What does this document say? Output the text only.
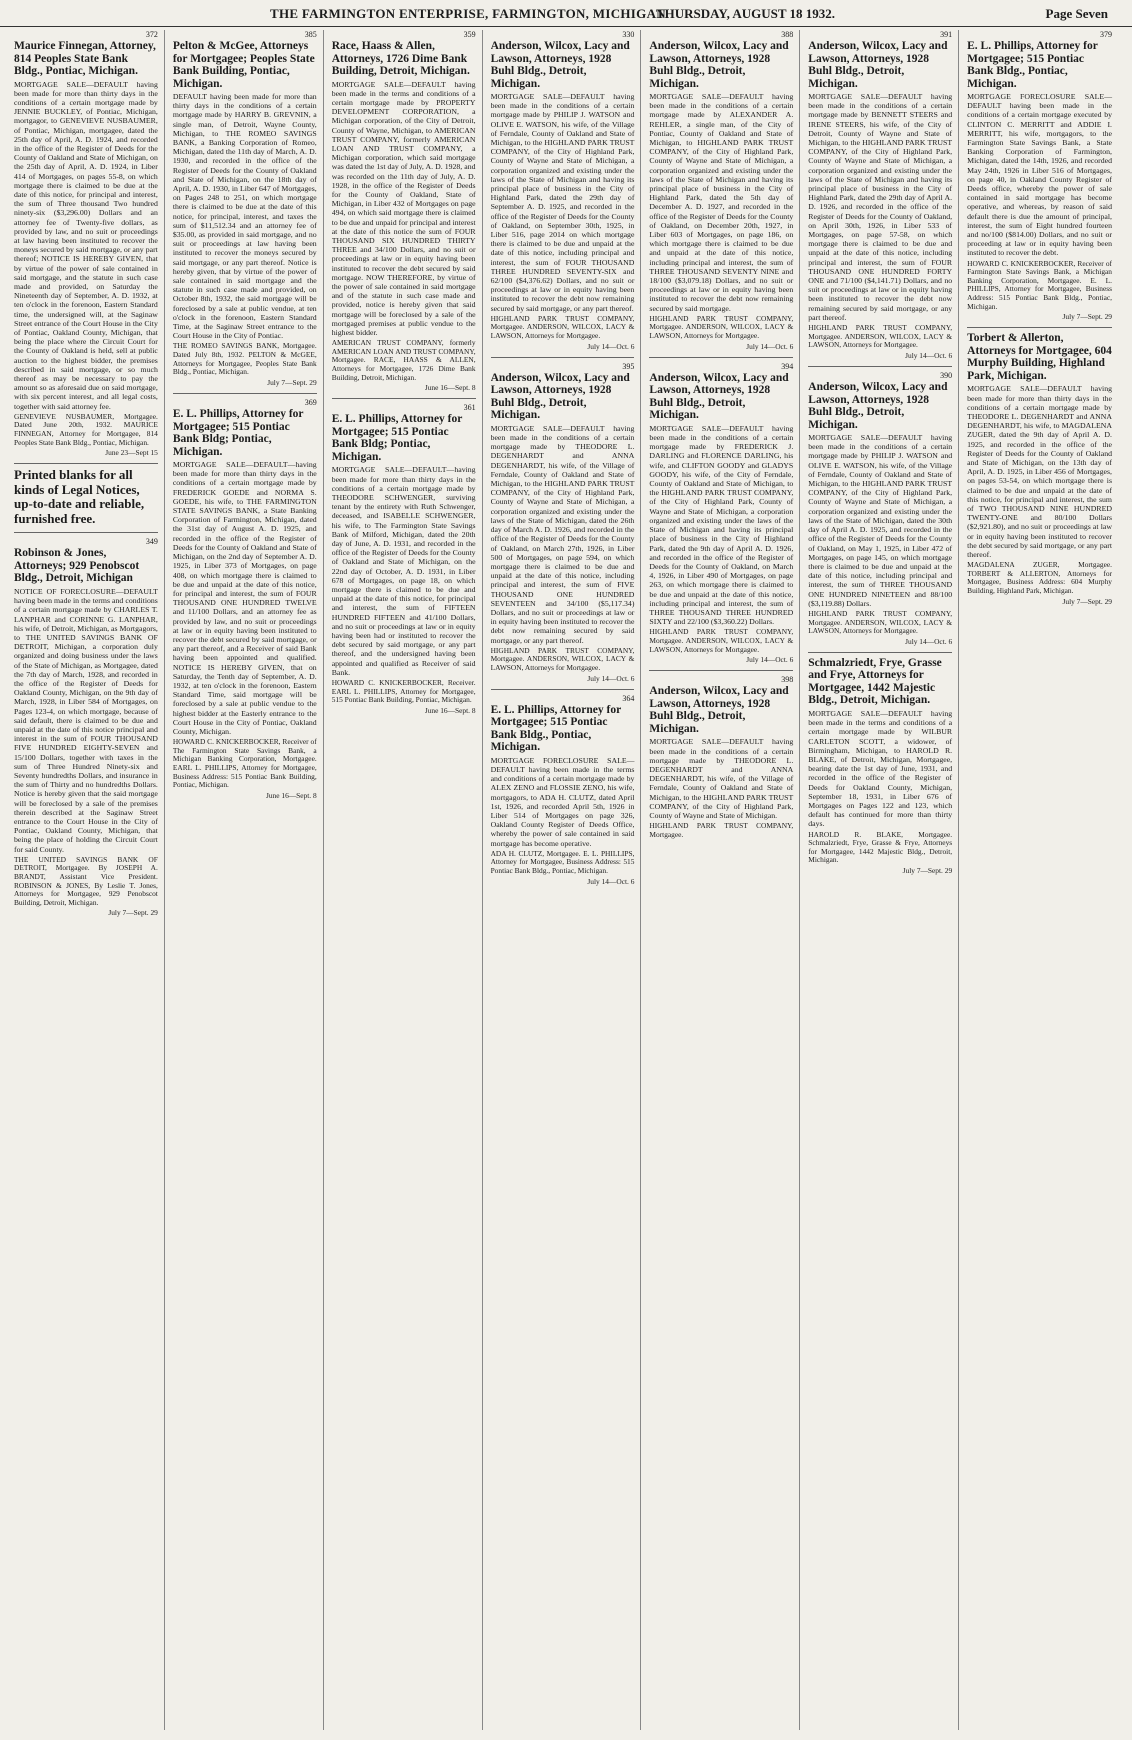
THE FARMINGTON ENTERPRISE, FARMINGTON, MICHIGAN
THURSDAY, AUGUST 18 1932.	Page Seven
372
Maurice Finnegan, Attorney, 814 Peoples State Bank Bldg., Pontiac, Michigan.

MORTGAGE SALE—DEFAULT having been made for more than thirty days in the conditions of a certain mortgage made by JENNIE BUCKLEY, of Pontiac, Michigan, mortgagor, to GENEVIEVE NUSBAUMER, of Pontiac, Michigan, mortgagee, dated the 25th day of April, A. D. 1924, and recorded in the office of the Register of Deeds for the County of Oakland and State of Michigan, on the 25th day of April, A. D. 1924, in Liber 414 of Mortgages, on pages 55-8, on which mortgage there is claimed to be due at the date of this notice, for principal and interest, the sum of Three thousand Two hundred ninety-six ($3,296.00) Dollars and an attorney fee of Twenty-five dollars, as provided by law, and no suit or proceedings at law having been instituted to recover the moneys secured by said mortgage, or any part thereof; NOTICE IS HEREBY GIVEN, that by virtue of the power of sale contained in said mortgage, and the statute in such case made and provided, on Saturday the Nineteenth day of September, A. D. 1932, at ten o'clock in the forenoon, Eastern Standard time, the undersigned will, at the Saginaw Street entrance of the Court House in the City of Pontiac, Oakland County, Michigan, that being the place where the Circuit Court for the County of Oakland is held, sell at public auction to the highest bidder, the premises described in said mortgage, or so much thereof as may be necessary to pay the amount so as aforesaid due on said mortgage, with six percent interest, and all legal costs, together with said attorney fee.

GENEVIEVE NUSBAUMER, Mortgagee. Dated June 20th, 1932. MAURICE FINNEGAN, Attorney for Mortgagee, 814 Peoples State Bank Bldg., Pontiac, Michigan.

June 23—Sept 15

Printed blanks for all kinds of Legal Notices, up-to-date and reliable, furnished free.
349
Robinson & Jones, Attorneys; 929 Penobscot Bldg., Detroit, Michigan

NOTICE OF FORECLOSURE—DEFAULT having been made in the terms and conditions of a certain mortgage made by CHARLES T. LANPHAR and CORINNE G. LANPHAR, his wife, of Detroit, Michigan, as Mortgagors, to THE UNITED SAVINGS BANK OF DETROIT, Michigan, a corporation duly organized and doing business under the laws of the State of Michigan, as Mortgagee, dated the 7th day of March, 1928, and recorded in the office of the Register of Deeds for Oakland County, Michigan, on the 9th day of March, 1928, in Liber 584 of Mortgages, on Pages 123-4, on which mortgage, because of said default, there is claimed to be due and unpaid at the date of this notice principal and interest in the sum of FOUR THOUSAND FIVE HUNDRED EIGHTY-SEVEN and 15/100 Dollars, together with taxes in the sum of Three Hundred Ninety-six and Seventy hundredths Dollars, and insurance in the sum of Thirty and no hundredths Dollars. Notice is hereby given that the said mortgage will be foreclosed by a sale of the premises therein described at the Saginaw Street entrance to the Court House in the City of Pontiac, Oakland County, Michigan, that being the place of holding the Circuit Court for said County.

THE UNITED SAVINGS BANK OF DETROIT, Mortgagee. By JOSEPH A. BRANDT, Assistant Vice President. ROBINSON & JONES, By Leslie T. Jones, Attorneys for Mortgagee, 929 Penobscot Building, Detroit, Michigan.

July 7—Sept. 29

385
Pelton & McGee, Attorneys for Mortgagee; Peoples State Bank Building, Pontiac, Michigan.

DEFAULT having been made for more than thirty days in the conditions of a certain mortgage made by HARRY B. GREVNIN, a single man, of Detroit, Wayne County, Michigan, to THE ROMEO SAVINGS BANK, a Banking Corporation of Romeo, Michigan, dated the 11th day of March, A. D. 1930, and recorded in the office of the Register of Deeds for the County of Oakland and State of Michigan, on the 18th day of April, A. D. 1930, in Liber 647 of Mortgages, on Pages 248 to 251, on which mortgage there is claimed to be due at the date of this notice, for principal, interest, and taxes the sum of $11,512.34 and an attorney fee of $35.00, as provided in said mortgage, and no suit or proceedings at law having been instituted to recover the moneys secured by said mortgage, or any part thereof. Notice is hereby given, that by virtue of the power of sale contained in said mortgage and the statute in such case made and provided, on October 8th, 1932, the said mortgage will be foreclosed by a sale at public vendue, at ten o'clock in the forenoon, Eastern Standard Time, at the Saginaw Street entrance to the Court House in the City of Pontiac.

THE ROMEO SAVINGS BANK, Mortgagee. Dated July 8th, 1932. PELTON & McGEE, Attorneys for Mortgagee, Peoples State Bank Bldg., Pontiac, Michigan.

July 7—Sept. 29

369
E. L. Phillips, Attorney for Mortgagee; 515 Pontiac Bank Bldg; Pontiac, Michigan.

MORTGAGE SALE—DEFAULT—having been made for more than thirty days in the conditions of a certain mortgage made by FREDERICK GOEDE and NORMA S. GOEDE, his wife, to THE FARMINGTON STATE SAVINGS BANK, a State Banking Corporation of Farmington, Michigan, dated the 31st day of August A. D. 1925, and recorded in the office of the Register of Deeds for the County of Oakland and State of Michigan, on the 2nd day of September A. D. 1925, in Liber 373 of Mortgages, on page 408, on which mortgage there is claimed to be due and unpaid at the date of this notice, for principal and interest, the sum of FOUR THOUSAND ONE HUNDRED TWELVE and 11/100 Dollars, and an attorney fee as provided by law, and no suit or proceedings at law or in equity having been instituted to recover the debt secured by said mortgage, or any part thereof, and a Receiver of said Bank having been appointed and qualified. NOTICE IS HEREBY GIVEN, that on Saturday, the Tenth day of September, A. D. 1932, at ten o'clock in the forenoon, Eastern Standard Time, said mortgage will be foreclosed by a sale at public vendue to the highest bidder at the Easterly entrance to the Court House in the City of Pontiac, Oakland County, Michigan.

HOWARD C. KNICKERBOCKER, Receiver of The Farmington State Savings Bank, a Michigan Banking Corporation, Mortgagee. EARL L. PHILLIPS, Attorney for Mortgagee, Business Address: 515 Pontiac Bank Building, Pontiac, Michigan.

June 16—Sept. 8

359
Race, Haass & Allen, Attorneys, 1726 Dime Bank Building, Detroit, Michigan.

MORTGAGE SALE—DEFAULT having been made in the terms and conditions of a certain mortgage made by PROPERTY DEVELOPMENT CORPORATION, a Michigan corporation, of the City of Detroit, County of Wayne, Michigan, to AMERICAN TRUST COMPANY, formerly AMERICAN LOAN AND TRUST COMPANY, a Michigan corporation, which said mortgage was dated the 1st day of July, A. D. 1928, and was recorded on the 11th day of July, A. D. 1928, in the office of the Register of Deeds for the County of Oakland, State of Michigan, in Liber 432 of Mortgages on page 494, on which said mortgage there is claimed to be due and unpaid for principal and interest at the date of this notice the sum of FOUR THOUSAND SIX HUNDRED THIRTY THREE and 34/100 Dollars, and no suit or proceedings at law or in equity having been instituted to recover the debt secured by said mortgage. NOW THEREFORE, by virtue of the power of sale contained in said mortgage and of the statute in such case made and provided, notice is hereby given that said mortgage will be foreclosed by a sale of the mortgaged premises at public vendue to the highest bidder.

AMERICAN TRUST COMPANY, formerly AMERICAN LOAN AND TRUST COMPANY, Mortgagee. RACE, HAASS & ALLEN, Attorneys for Mortgagee, 1726 Dime Bank Building, Detroit, Michigan.

June 16—Sept. 8

361
E. L. Phillips, Attorney for Mortgagee; 515 Pontiac Bank Bldg; Pontiac, Michigan.

MORTGAGE SALE—DEFAULT—having been made for more than thirty days in the conditions of a certain mortgage made by THEODORE SCHWENGER, surviving tenant by the entirety with Ruth Schwenger, deceased, and ISABELLE SCHWENGER, his wife, to The Farmington State Savings Bank of Milford, Michigan, dated the 20th day of June, A. D. 1931, and recorded in the office of the Register of Deeds for the County of Oakland and State of Michigan, on the 22nd day of October, A. D. 1931, in Liber 678 of Mortgages, on page 18, on which mortgage there is claimed to be due and unpaid at the date of this notice, for principal and interest, the sum of FIFTEEN HUNDRED FIFTEEN and 41/100 Dollars, and no suit or proceedings at law or in equity having been had or instituted to recover the debt secured by said mortgage, or any part thereof, and the undersigned having been appointed and qualified as Receiver of said Bank.

HOWARD C. KNICKERBOCKER, Receiver. EARL L. PHILLIPS, Attorney for Mortgagee, 515 Pontiac Bank Building, Pontiac, Michigan.

June 16—Sept. 8

330
Anderson, Wilcox, Lacy and Lawson, Attorneys, 1928 Buhl Bldg., Detroit, Michigan.

MORTGAGE SALE—DEFAULT having been made in the conditions of a certain mortgage made by PHILIP J. WATSON and OLIVE E. WATSON, his wife, of the Village of Ferndale, County of Oakland and State of Michigan, to the HIGHLAND PARK TRUST COMPANY, of the City of Highland Park, County of Wayne and State of Michigan, a corporation organized and existing under the laws of the State of Michigan and having its principal place of business in the City of Highland Park, dated the 29th day of September A. D. 1925, and recorded in the office of the Register of Deeds for the County of Oakland, on September 30th, 1925, in Liber 516, page 2014 on which mortgage there is claimed to be due and unpaid at the date of this notice, including principal and interest, the sum of FOUR THOUSAND THREE HUNDRED SEVENTY-SIX and 62/100 ($4,376.62) Dollars, and no suit or proceedings at law or in equity having been instituted to recover the debt now remaining secured by said mortgage, or any part thereof.

HIGHLAND PARK TRUST COMPANY, Mortgagee. ANDERSON, WILCOX, LACY & LAWSON, Attorneys for Mortgagee.

July 14—Oct. 6

395
Anderson, Wilcox, Lacy and Lawson, Attorneys, 1928 Buhl Bldg., Detroit, Michigan.

MORTGAGE SALE—DEFAULT having been made in the conditions of a certain mortgage made by THEODORE L. DEGENHARDT and ANNA DEGENHARDT, his wife, of the Village of Ferndale, County of Oakland and State of Michigan, to the HIGHLAND PARK TRUST COMPANY, of the City of Highland Park, County of Wayne and State of Michigan, a corporation organized and existing under the laws of the State of Michigan, dated the 26th day of March A. D. 1926, and recorded in the office of the Register of Deeds for the County of Oakland, on March 27th, 1926, in Liber 500 of Mortgages, on page 594, on which mortgage there is claimed to be due and unpaid at the date of this notice, including principal and interest, the sum of FIVE THOUSAND ONE HUNDRED SEVENTEEN and 34/100 ($5,117.34) Dollars, and no suit or proceedings at law or in equity having been instituted to recover the debt now remaining secured by said mortgage, or any part thereof.

HIGHLAND PARK TRUST COMPANY, Mortgagee. ANDERSON, WILCOX, LACY & LAWSON, Attorneys for Mortgagee.

July 14—Oct. 6

364
E. L. Phillips, Attorney for Mortgagee; 515 Pontiac Bank Bldg., Pontiac, Michigan.

MORTGAGE FORECLOSURE SALE—DEFAULT having been made in the terms and conditions of a certain mortgage made by ALEX ZENO and FLOSSIE ZENO, his wife, mortgagors, to ADA H. CLUTZ, dated April 1st, 1926, and recorded April 5th, 1926 in Liber 514 of Mortgages on page 326, Oakland County Register of Deeds Office, whereby the power of sale contained in said mortgage has become operative.

ADA H. CLUTZ, Mortgagee. E. L. PHILLIPS, Attorney for Mortgagee, Business Address: 515 Pontiac Bank Bldg., Pontiac, Michigan.

July 14—Oct. 6

388
Anderson, Wilcox, Lacy and Lawson, Attorneys, 1928 Buhl Bldg., Detroit, Michigan.

MORTGAGE SALE—DEFAULT having been made in the conditions of a certain mortgage made by ALEXANDER A. REHLER, a single man, of the City of Pontiac, County of Oakland and State of Michigan, to HIGHLAND PARK TRUST COMPANY, of the City of Highland Park, County of Wayne and State of Michigan, a corporation organized and existing under the laws of the State of Michigan and having its principal place of business in the City of Highland Park, dated the 5th day of December A. D. 1927, and recorded in the office of the Register of Deeds for the County of Oakland, on December 20th, 1927, in Liber 603 of Mortgages, on page 186, on which mortgage there is claimed to be due and unpaid at the date of this notice, including principal and interest, the sum of THREE THOUSAND SEVENTY NINE and 18/100 ($3,079.18) Dollars, and no suit or proceedings at law or in equity having been instituted to recover the debt now remaining secured by said mortgage.

HIGHLAND PARK TRUST COMPANY, Mortgagee. ANDERSON, WILCOX, LACY & LAWSON, Attorneys for Mortgagee.

July 14—Oct. 6

394
Anderson, Wilcox, Lacy and Lawson, Attorneys, 1928 Buhl Bldg., Detroit, Michigan.

MORTGAGE SALE—DEFAULT having been made in the conditions of a certain mortgage made by FREDERICK J. DARLING and FLORENCE DARLING, his wife, and CLIFTON GOODY and GLADYS GOODY, his wife, of the City of Ferndale, County of Oakland and State of Michigan, to the HIGHLAND PARK TRUST COMPANY, of the City of Highland Park, County of Wayne and State of Michigan, a corporation organized and existing under the laws of the State of Michigan and having its principal place of business in the City of Highland Park, dated the 9th day of April A. D. 1926, and recorded in the office of the Register of Deeds for the County of Oakland, on March 4, 1926, in Liber 490 of Mortgages, on page 263, on which mortgage there is claimed to be due and unpaid at the date of this notice, including principal and interest, the sum of THREE THOUSAND THREE HUNDRED SIXTY and 22/100 ($3,360.22) Dollars.

HIGHLAND PARK TRUST COMPANY, Mortgagee. ANDERSON, WILCOX, LACY & LAWSON, Attorneys for Mortgagee.

July 14—Oct. 6

398
Anderson, Wilcox, Lacy and Lawson, Attorneys, 1928 Buhl Bldg., Detroit, Michigan.

MORTGAGE SALE—DEFAULT having been made in the conditions of a certain mortgage made by THEODORE L. DEGENHARDT and ANNA DEGENHARDT, his wife, of the Village of Ferndale, County of Oakland and State of Michigan, to the HIGHLAND PARK TRUST COMPANY, of the City of Highland Park, County of Wayne and State of Michigan.

HIGHLAND PARK TRUST COMPANY, Mortgagee.

391
Anderson, Wilcox, Lacy and Lawson, Attorneys, 1928 Buhl Bldg., Detroit, Michigan.

MORTGAGE SALE—DEFAULT having been made in the conditions of a certain mortgage made by BENNETT STEERS and IRENE STEERS, his wife, of the City of Detroit, County of Wayne and State of Michigan, to the HIGHLAND PARK TRUST COMPANY, of the City of Highland Park, County of Wayne and State of Michigan, a corporation organized and existing under the laws of the State of Michigan and having its principal place of business in the City of Highland Park, dated the 29th day of April A. D. 1926, and recorded in the office of the Register of Deeds for the County of Oakland, on April 30th, 1926, in Liber 533 of Mortgages, on page 57-58, on which mortgage there is claimed to be due and unpaid at the date of this notice, including principal and interest, the sum of FOUR THOUSAND ONE HUNDRED FORTY ONE and 71/100 ($4,141.71) Dollars, and no suit or proceedings at law or in equity having been instituted to recover the debt now remaining secured by said mortgage, or any part thereof.

HIGHLAND PARK TRUST COMPANY, Mortgagee. ANDERSON, WILCOX, LACY & LAWSON, Attorneys for Mortgagee.

July 14—Oct. 6

390
Anderson, Wilcox, Lacy and Lawson, Attorneys, 1928 Buhl Bldg., Detroit, Michigan.

MORTGAGE SALE—DEFAULT having been made in the conditions of a certain mortgage made by PHILIP J. WATSON and OLIVE E. WATSON, his wife, of the Village of Ferndale, County of Oakland and State of Michigan, to the HIGHLAND PARK TRUST COMPANY, of the City of Highland Park, County of Wayne and State of Michigan, a corporation organized and existing under the laws of the State of Michigan, dated the 30th day of April A. D. 1925, and recorded in the office of the Register of Deeds for the County of Oakland, on May 1, 1925, in Liber 472 of Mortgages, on page 145, on which mortgage there is claimed to be due and unpaid at the date of this notice, including principal and interest, the sum of THREE THOUSAND ONE HUNDRED NINETEEN and 88/100 ($3,119.88) Dollars.

HIGHLAND PARK TRUST COMPANY, Mortgagee. ANDERSON, WILCOX, LACY & LAWSON, Attorneys for Mortgagee.

July 14—Oct. 6

Schmalzriedt, Frye, Grasse and Frye, Attorneys for Mortgagee, 1442 Majestic Bldg., Detroit, Michigan.

MORTGAGE SALE—DEFAULT having been made in the terms and conditions of a certain mortgage made by WILBUR CARLETON SCOTT, a widower, of Birmingham, Michigan, to HAROLD R. BLAKE, of Detroit, Michigan, Mortgagee, bearing date the 1st day of June, 1931, and recorded in the office of the Register of Deeds for Oakland County, Michigan, September 18, 1931, in Liber 676 of Mortgages on Pages 122 and 123, which default has continued for more than thirty days.

HAROLD R. BLAKE, Mortgagee. Schmalzriedt, Frye, Grasse & Frye, Attorneys for Mortgagee, 1442 Majestic Bldg., Detroit, Michigan.

July 7—Sept. 29

379
E. L. Phillips, Attorney for Mortgagee; 515 Pontiac Bank Bldg., Pontiac, Michigan.

MORTGAGE FORECLOSURE SALE—DEFAULT having been made in the conditions of a certain mortgage executed by CLINTON C. MERRITT and ADDIE I. MERRITT, his wife, mortgagors, to the Farmington State Savings Bank, a State Banking Corporation of Farmington, Michigan, dated the 14th, 1926, and recorded May 24th, 1926 in Liber 516 of Mortgages, on page 40, in Oakland County Register of Deeds office, whereby the power of sale contained in said mortgage has become operative, and whereas, by reason of said default there is due the amount of principal, interest, the sum of Eight hundred fourteen and no/100 ($814.00) Dollars, and no suit or proceeding at law or in equity having been instituted to recover the debt.

HOWARD C. KNICKERBOCKER, Receiver of Farmington State Savings Bank, a Michigan Banking Corporation, Mortgagee. E. L. PHILLIPS, Attorney for Mortgagee, Business Address: 515 Pontiac Bank Bldg., Pontiac, Michigan.

July 7—Sept. 29

Torbert & Allerton, Attorneys for Mortgagee, 604 Murphy Building, Highland Park, Michigan.

MORTGAGE SALE—DEFAULT having been made for more than thirty days in the conditions of a certain mortgage made by THEODORE L. DEGENHARDT and ANNA DEGENHARDT, his wife, to MAGDALENA ZUGER, dated the 9th day of April A. D. 1925, and recorded in the office of the Register of Deeds for the County of Oakland and State of Michigan, on the 13th day of April, A. D. 1925, in Liber 456 of Mortgages, on pages 53-54, on which mortgage there is claimed to be due and unpaid at the date of this notice, for principal and interest, the sum of TWO THOUSAND NINE HUNDRED TWENTY-ONE and 80/100 Dollars ($2,921.80), and no suit or proceedings at law or in equity having been instituted to recover the debt secured by said mortgage, or any part thereof.

MAGDALENA ZUGER, Mortgagee. TORBERT & ALLERTON, Attorneys for Mortgagee, Business Address: 604 Murphy Building, Highland Park, Michigan.

July 7—Sept. 29
